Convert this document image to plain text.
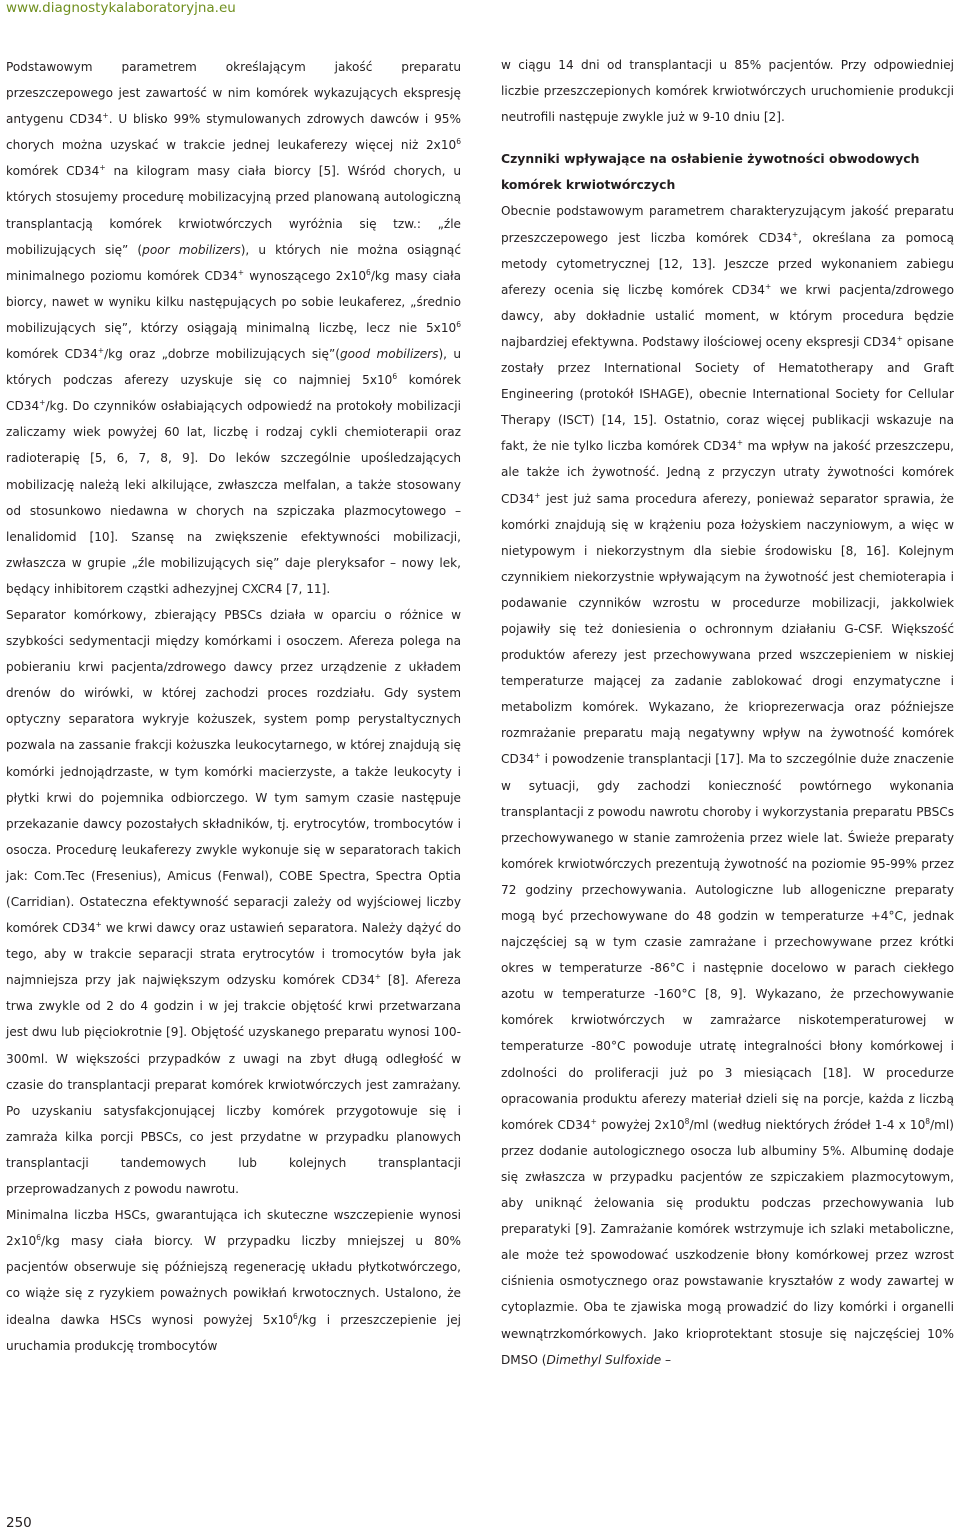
www.diagnostykalaboratoryjna.eu

Podstawowym parametrem określającym jakość preparatu przeszczepowego jest zawartość w nim komórek wykazujących ekspresję antygenu CD34+. U blisko 99% stymulowanych zdrowych dawców i 95% chorych można uzyskać w trakcie jednej leukaferezy więcej niż $2x10^6$ komórek CD34+ na kilogram masy ciała biorcy [5]. Wśród chorych, u których stosujemy procedurę mobilizacyjną przed planowaną autologiczną transplantacją komórek krwiotwórczych wyróżnia się tzw.: „źle mobilizujących się” (poor mobilizers), u których nie można osiągnąć minimalnego poziomu komórek CD34+ wynoszącego $2x10^6/kg$ masy ciała biorcy, nawet w wyniku kilku następujących po sobie leukaferez, „średnio mobilizujących się”, którzy osiągają minimalną liczbę, lecz nie $5x10^6$ komórek CD34+/kg oraz „dobrze mobilizujących się”(good mobilizers), u których podczas aferezy uzyskuje się co najmniej $5x10^6$ komórek CD34+/kg. Do czynników osłabiających odpowiedź na protokoły mobilizacji zaliczamy wiek powyżej 60 lat, liczbę i rodzaj cykli chemioterapii oraz radioterapię [5, 6, 7, 8, 9]. Do leków szczególnie upośledzających mobilizację należą leki alkilujące, zwłaszcza melfalan, a także stosowany od stosunkowo niedawna w chorych na szpiczaka plazmocytowego – lenalidomid [10]. Szansę na zwiększenie efektywności mobilizacji, zwłaszcza w grupie „źle mobilizujących się” daje pleryksafor – nowy lek, będący inhibitorem cząstki adhezyjnej CXCR4 [7, 11].

Separator komórkowy, zbierający PBSCs działa w oparciu o różnice w szybkości sedymentacji między komórkami i osoczem. Afereza polega na pobieraniu krwi pacjenta/zdrowego dawcy przez urządzenie z układem drenów do wirówki, w której zachodzi proces rozdziału. Gdy system optyczny separatora wykryje kożuszek, system pomp perystaltycznych pozwala na zassanie frakcji kożuszka leukocytarnego, w której znajdują się komórki jednojądrzaste, w tym komórki macierzyste, a także leukocyty i płytki krwi do pojemnika odbiorczego. W tym samym czasie następuje przekazanie dawcy pozostałych składników, tj. erytrocytów, trombocytów i osocza. Procedurę leukaferezy zwykle wykonuje się w separatorach takich jak: Com.Tec (Fresenius), Amicus (Fenwal), COBE Spectra, Spectra Optia (Carridian). Ostateczna efektywność separacji zależy od wyjściowej liczby komórek CD34+ we krwi dawcy oraz ustawień separatora. Należy dążyć do tego, aby w trakcie separacji strata erytrocytów i tromocytów była jak najmniejsza przy jak największym odzysku komórek CD34+ [8]. Afereza trwa zwykle od 2 do 4 godzin i w jej trakcie objętość krwi przetwarzana jest dwu lub pięciokrotnie [9]. Objętość uzyskanego preparatu wynosi 100-300ml. W większości przypadków z uwagi na zbyt długą odległość w czasie do transplantacji preparat komórek krwiotwórczych jest zamrażany. Po uzyskaniu satysfakcjonującej liczby komórek przygotowuje się i zamraża kilka porcji PBSCs, co jest przydatne w przypadku planowych transplantacji tandemowych lub kolejnych transplantacji przeprowadzanych z powodu nawrotu.

Minimalna liczba HSCs, gwarantująca ich skuteczne wszczepienie wynosi $2x10^6/kg$ masy ciała biorcy. W przypadku liczby mniejszej u 80% pacjentów obserwuje się późniejszą regenerację układu płytkotwórczego, co wiąże się z ryzykiem poważnych powikłań krwotocznych. Ustalono, że idealna dawka HSCs wynosi powyżej $5x10^6/kg$ i przeszczepienie jej uruchamia produkcję trombocytów

w ciągu 14 dni od transplantacji u 85% pacjentów. Przy odpowiedniej liczbie przeszczepionych komórek krwiotwórczych uruchomienie produkcji neutrofili następuje zwykle już w 9-10 dniu [2].

Czynniki wpływające na osłabienie żywotności obwodowych komórek krwiotwórczych

Obecnie podstawowym parametrem charakteryzującym jakość preparatu przeszczepowego jest liczba komórek CD34+, określana za pomocą metody cytometrycznej [12, 13]. Jeszcze przed wykonaniem zabiegu aferezy ocenia się liczbę komórek CD34+ we krwi pacjenta/zdrowego dawcy, aby dokładnie ustalić moment, w którym procedura będzie najbardziej efektywna. Podstawy ilościowej oceny ekspresji CD34+ opisane zostały przez International Society of Hematotherapy and Graft Engineering (protokół ISHAGE), obecnie International Society for Cellular Therapy (ISCT) [14, 15]. Ostatnio, coraz więcej publikacji wskazuje na fakt, że nie tylko liczba komórek CD34+ ma wpływ na jakość przeszczepu, ale także ich żywotność. Jedną z przyczyn utraty żywotności komórek CD34+ jest już sama procedura aferezy, ponieważ separator sprawia, że komórki znajdują się w krążeniu poza łożyskiem naczyniowym, a więc w nietypowym i niekorzystnym dla siebie środowisku [8, 16]. Kolejnym czynnikiem niekorzystnie wpływającym na żywotność jest chemioterapia i podawanie czynników wzrostu w procedurze mobilizacji, jakkolwiek pojawiły się też doniesienia o ochronnym działaniu G-CSF. Większość produktów aferezy jest przechowywana przed wszczepieniem w niskiej temperaturze mającej za zadanie zablokować drogi enzymatyczne i metabolizm komórek. Wykazano, że krioprezerwacja oraz późniejsze rozmrażanie preparatu mają negatywny wpływ na żywotność komórek CD34+ i powodzenie transplantacji [17]. Ma to szczególnie duże znaczenie w sytuacji, gdy zachodzi konieczność powtórnego wykonania transplantacji z powodu nawrotu choroby i wykorzystania preparatu PBSCs przechowywanego w stanie zamrożenia przez wiele lat. Świeże preparaty komórek krwiotwórczych prezentują żywotność na poziomie 95-99% przez 72 godziny przechowywania. Autologiczne lub allogeniczne preparaty mogą być przechowywane do 48 godzin w temperaturze +4°C, jednak najczęściej są w tym czasie zamrażane i przechowywane przez krótki okres w temperaturze -86°C i następnie docelowo w parach ciekłego azotu w temperaturze -160°C [8, 9]. Wykazano, że przechowywanie komórek krwiotwórczych w zamrażarce niskotemperaturowej w temperaturze -80°C powoduje utratę integralności błony komórkowej i zdolności do proliferacji już po 3 miesiącach [18]. W procedurze opracowania produktu aferezy materiał dzieli się na porcje, każda z liczbą komórek CD34+ powyżej $2x10^8/ml$ (według niektórych źródeł 1-4 x $10^8/ml$) przez dodanie autologicznego osocza lub albuminy 5%. Albuminę dodaje się zwłaszcza w przypadku pacjentów ze szpiczakiem plazmocytowym, aby uniknąć żelowania się produktu podczas przechowywania lub preparatyki [9]. Zamrażanie komórek wstrzymuje ich szlaki metaboliczne, ale może też spowodować uszkodzenie błony komórkowej przez wzrost ciśnienia osmotycznego oraz powstawanie kryształów z wody zawartej w cytoplazmie. Oba te zjawiska mogą prowadzić do lizy komórki i organelli wewnątrzkomórkowych. Jako krioprotektant stosuje się najczęściej 10% DMSO (Dimethyl Sulfoxide –

250
